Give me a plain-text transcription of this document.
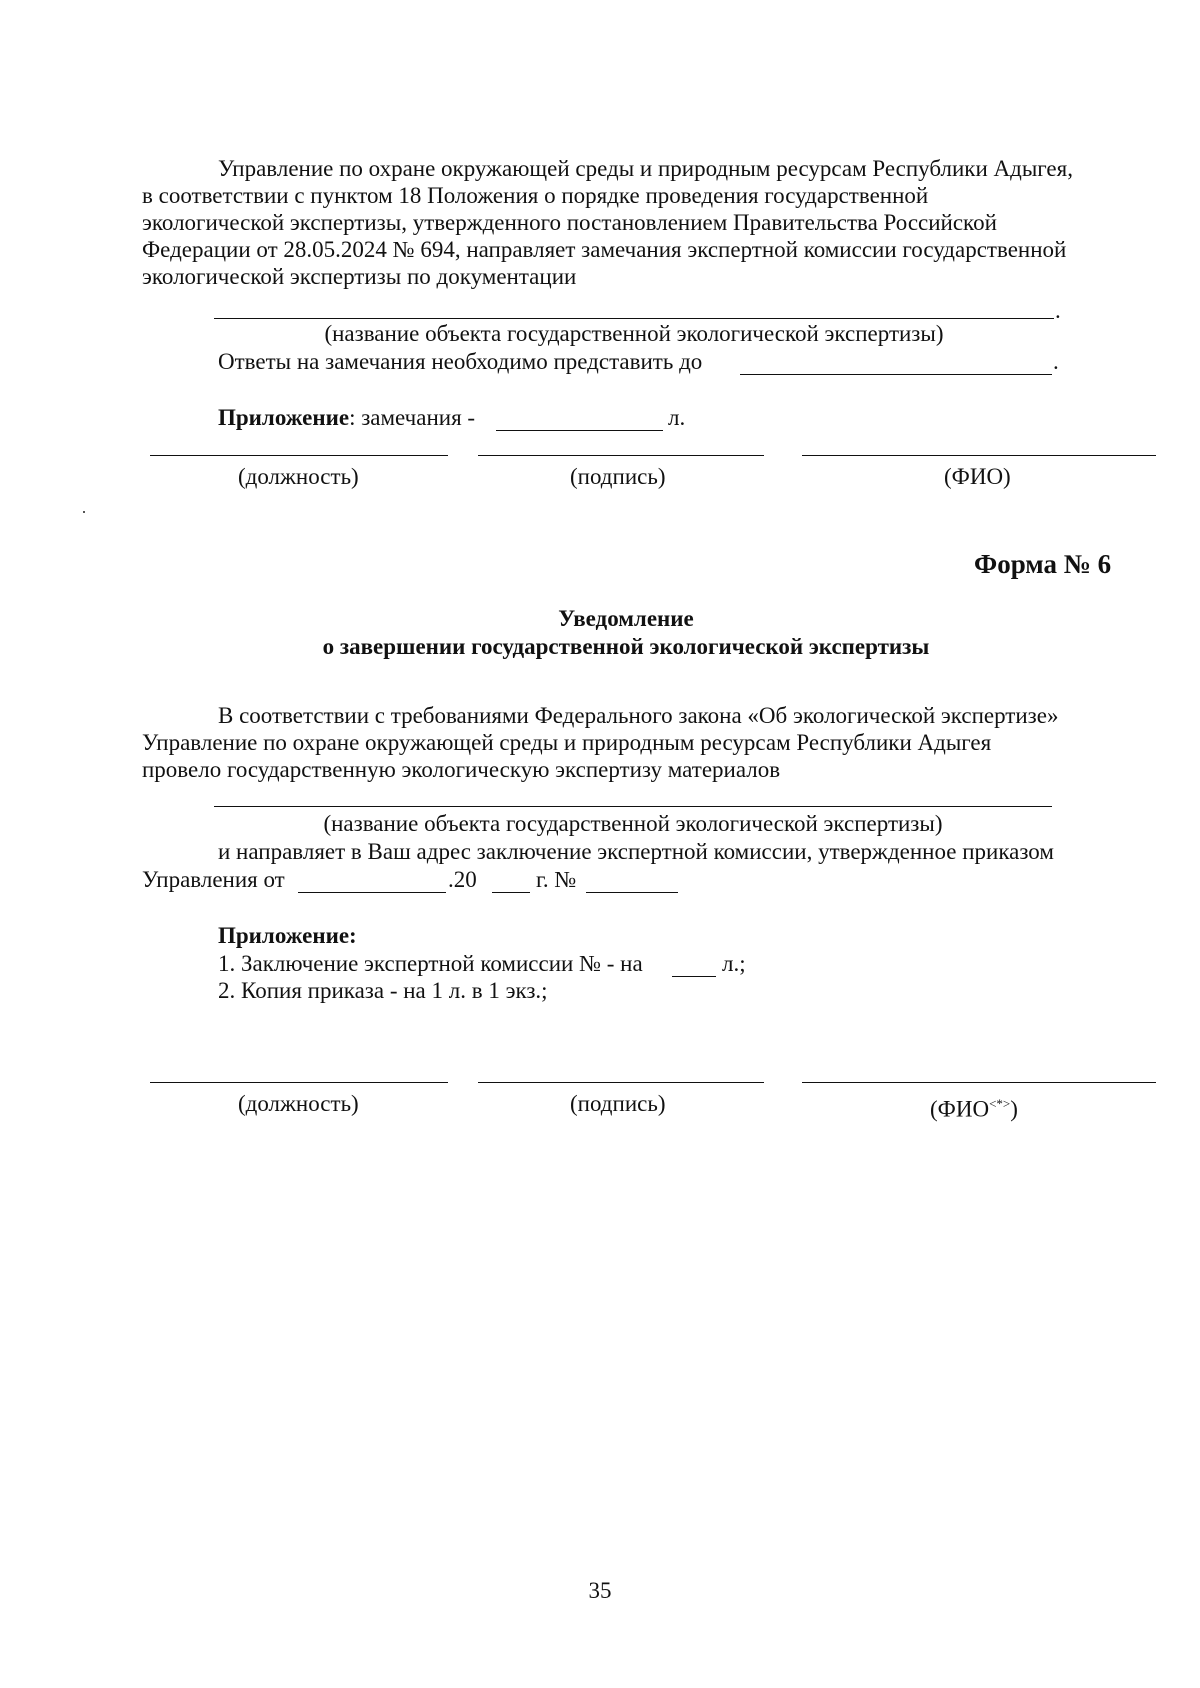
Управление по охране окружающей среды и природным ресурсам Республики Адыгея,
в соответствии с пунктом 18 Положения о порядке проведения государственной
экологической экспертизы, утвержденного постановлением Правительства Российской
Федерации от 28.05.2024 № 694, направляет замечания экспертной комиссии государственной
экологической экспертизы по документации
.
(название объекта государственной экологической экспертизы)
Ответы на замечания необходимо представить до	.
Приложение: замечания -	л.
(должность)	(подпись)	(ФИО)
Форма № 6
Уведомление
о завершении государственной экологической экспертизы
В соответствии с требованиями Федерального закона «Об экологической экспертизе»
Управление по охране окружающей среды и природным ресурсам Республики Адыгея
провело государственную экологическую экспертизу материалов
(название объекта государственной экологической экспертизы)
и направляет в Ваш адрес заключение экспертной комиссии, утвержденное приказом
Управления от	.20	г. №
Приложение:
1. Заключение экспертной комиссии № - на	л.;
2. Копия приказа - на 1 л. в 1 экз.;
(должность)	(подпись)	(ФИО<*>)
35
